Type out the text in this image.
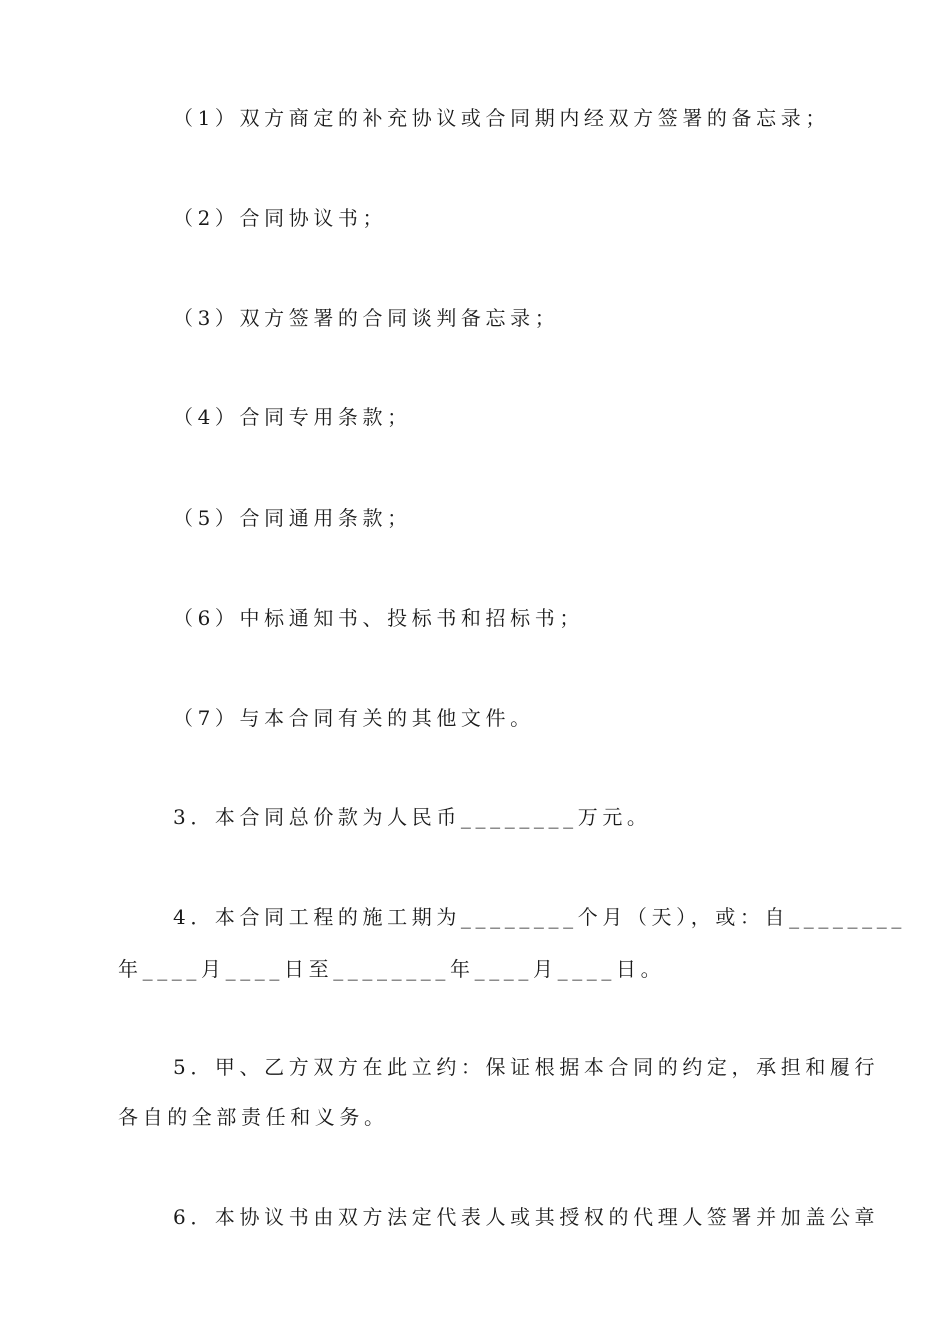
（1）双方商定的补充协议或合同期内经双方签署的备忘录；
（2）合同协议书；
（3）双方签署的合同谈判备忘录；
（4）合同专用条款；
（5）合同通用条款；
（6）中标通知书、投标书和招标书；
（7）与本合同有关的其他文件。
3．本合同总价款为人民币________万元。
4．本合同工程的施工期为________个月（天），或：自________
年____月____日至________年____月____日。
5．甲、乙方双方在此立约：保证根据本合同的约定，承担和履行
各自的全部责任和义务。
6．本协议书由双方法定代表人或其授权的代理人签署并加盖公章
